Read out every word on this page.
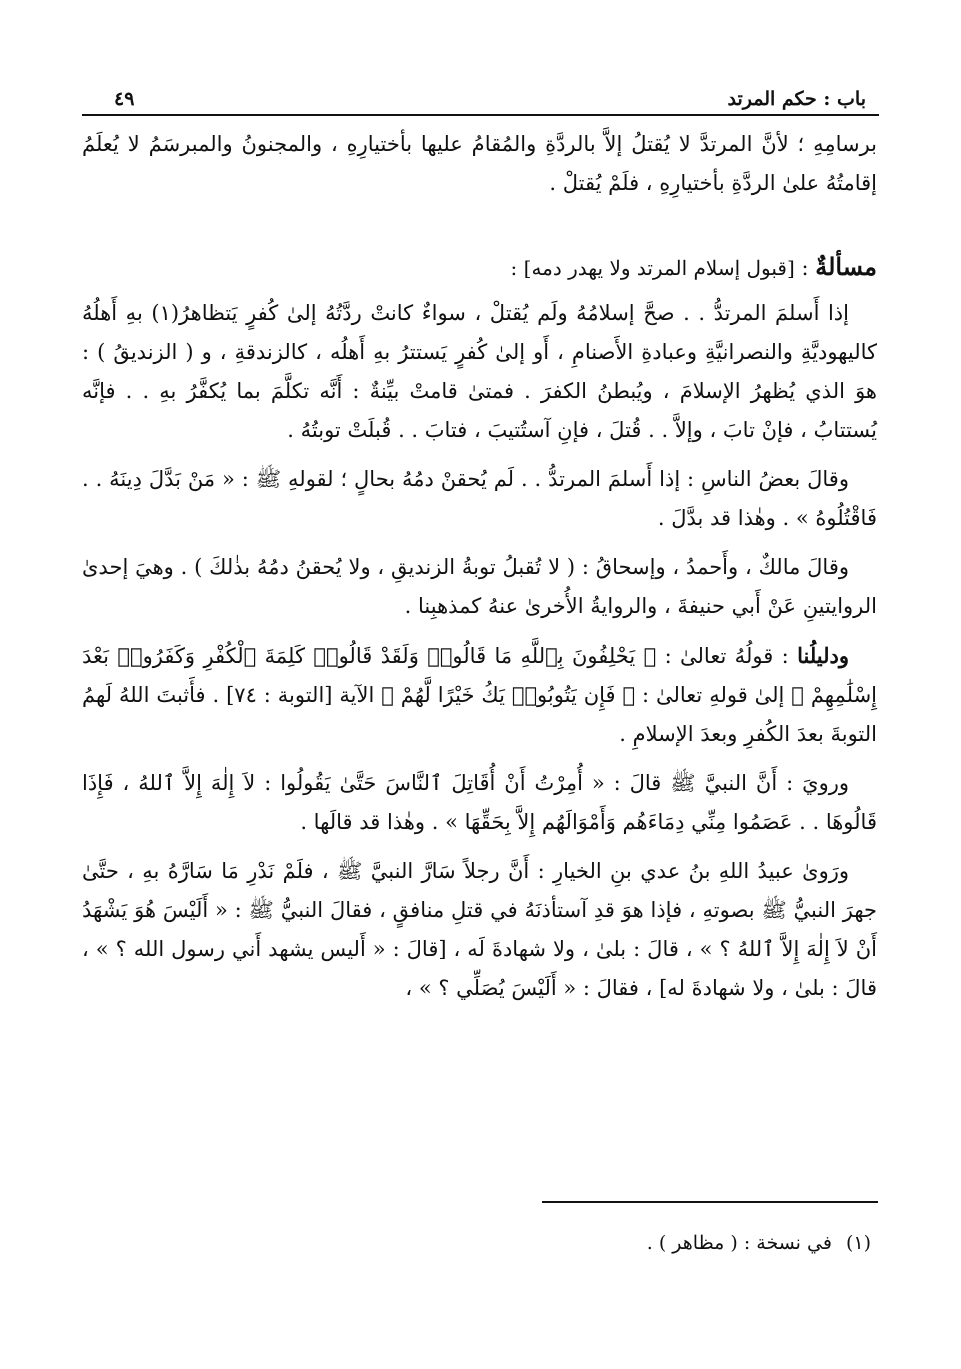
باب : حكم المرتد
٤٩

برسامِهِ ؛ لأنَّ المرتدَّ لا يُقتلُ إلاَّ بالردَّةِ والمُقامُ عليها بأختيارِهِ ، والمجنونُ والمبرسَمُ لا يُعلَمُ إقامتُهُ علىٰ الردَّةِ بأختيارِهِ ، فلَمْ يُقتلْ .

مسألةٌ : [قبول إسلام المرتد ولا يهدر دمه] :

إذا أَسلمَ المرتدُّ . . صحَّ إسلامُهُ ولَم يُقتلْ ، سواءٌ كانتْ ردَّتُهُ إلىٰ كُفرٍ يَتظاهرُ(١) بهِ أَهلُهُ كاليهوديَّةِ والنصرانيَّةِ وعبادةِ الأَصنامِ ، أَو إلىٰ كُفرٍ يَستترُ بهِ أَهلُه ، كالزندقةِ ، و ( الزنديقُ ) : هوَ الذي يُظهرُ الإسلامَ ، ويُبطنُ الكفرَ . فمتىٰ قامتْ بيِّنةٌ : أَنَّه تكلَّمَ بما يُكفَّرُ بهِ . . فإنَّه يُستتابُ ، فإنْ تابَ ، وإلاَّ . . قُتلَ ، فإنِ آستُتيبَ ، فتابَ . . قُبلَتْ توبتُهُ .

وقالَ بعضُ الناسِ : إذا أَسلمَ المرتدُّ . . لَم يُحقنْ دمُهُ بحالٍ ؛ لقولهِ ﷺ : « مَنْ بَدَّلَ دِينَهُ . . فَاقْتُلُوهُ » . وهٰذا قد بدَّلَ .

وقالَ مالكٌ ، وأَحمدُ ، وإسحاقُ : ( لا تُقبلُ توبةُ الزنديقِ ، ولا يُحقنُ دمُهُ بذٰلكَ ) . وهيَ إحدىٰ الروايتينِ عَنْ أَبي حنيفةَ ، والروايةُ الأُخرىٰ عنهُ كمذهبِنا .

ودليلُنا : قولُهُ تعالىٰ : ﴿ يَحْلِفُونَ بِٱللَّهِ مَا قَالُوا۟ وَلَقَدْ قَالُوا۟ كَلِمَةَ ٱلْكُفْرِ وَكَفَرُوا۟ بَعْدَ إِسْلَٰمِهِمْ ﴾ إلىٰ قولهِ تعالىٰ : ﴿ فَإِن يَتُوبُوا۟ يَكُ خَيْرًا لَّهُمْ ﴾ الآية [التوبة : ٧٤] . فأَثبتَ اللهُ لَهمُ التوبةَ بعدَ الكُفرِ وبعدَ الإسلامِ .

ورويَ : أَنَّ النبيَّ ﷺ قالَ : « أُمِرْتُ أَنْ أُقَاتِلَ ٱلنَّاسَ حَتَّىٰ يَقُولُوا : لاَ إِلٰهَ إِلاَّ ٱللهُ ، فَإِذَا قَالُوهَا . . عَصَمُوا مِنِّي دِمَاءَهُم وَأَمْوَالَهُم إِلاَّ بِحَقِّهَا » . وهٰذا قد قالَها .

ورَوىٰ عبيدُ اللهِ بنُ عدي بنِ الخيارِ : أَنَّ رجلاً سَارَّ النبيَّ ﷺ ، فلَمْ نَدْرِ مَا سَارَّهُ بهِ ، حتَّىٰ جهرَ النبيُّ ﷺ بصوتهِ ، فإذا هوَ قدِ آستأذنَهُ في قتلِ منافقٍ ، فقالَ النبيُّ ﷺ : « أَلَيْسَ هُوَ يَشْهَدُ أَنْ لاَ إِلٰهَ إِلاَّ ٱللهُ ؟ » ، قالَ : بلىٰ ، ولا شهادةَ لَه ، [قالَ : « أَليس يشهد أَني رسول الله ؟ » ، قالَ : بلىٰ ، ولا شهادةَ له] ، فقالَ : « أَلَيْسَ يُصَلِّي ؟ » ،

(١)في نسخة : ( مظاهر ) .
